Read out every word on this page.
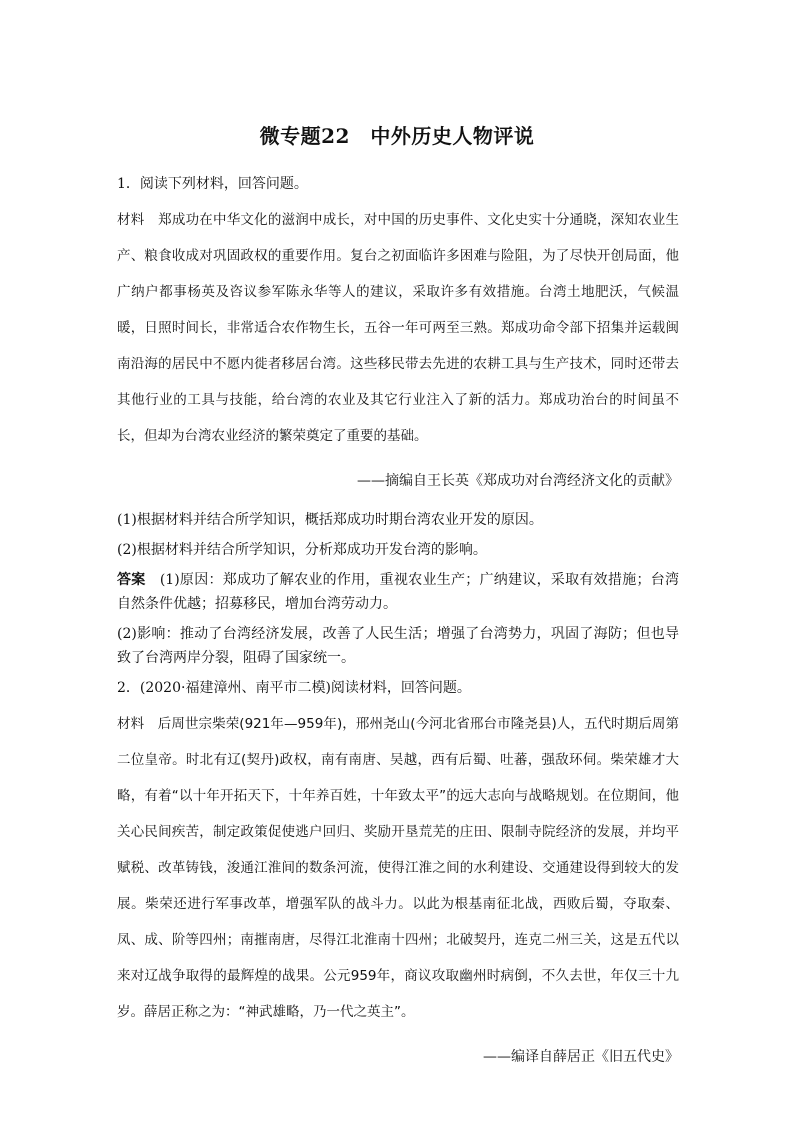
微专题22　中外历史人物评说

1．阅读下列材料，回答问题。

材料　 郑成功在中华文化的滋润中成长，对中国的历史事件、文化史实十分通晓，深知农业生产、粮食收成对巩固政权的重要作用。复台之初面临许多困难与险阻，为了尽快开创局面，他广纳户都事杨英及咨议参军陈永华等人的建议，采取许多有效措施。台湾土地肥沃，气候温暖，日照时间长，非常适合农作物生长，五谷一年可两至三熟。郑成功命令部下招集并运载闽南沿海的居民中不愿内徙者移居台湾。这些移民带去先进的农耕工具与生产技术，同时还带去其他行业的工具与技能，给台湾的农业及其它行业注入了新的活力。郑成功治台的时间虽不长，但却为台湾农业经济的繁荣奠定了重要的基础。

——摘编自王长英《郑成功对台湾经济文化的贡献》

(1)根据材料并结合所学知识，概括郑成功时期台湾农业开发的原因。

(2)根据材料并结合所学知识，分析郑成功开发台湾的影响。

答案　 (1)原因：郑成功了解农业的作用，重视农业生产；广纳建议，采取有效措施；台湾自然条件优越；招募移民，增加台湾劳动力。

(2)影响：推动了台湾经济发展，改善了人民生活；增强了台湾势力，巩固了海防；但也导致了台湾两岸分裂，阻碍了国家统一。

2．(2020·福建漳州、南平市二模)阅读材料，回答问题。

材料　 后周世宗柴荣(921年—959年)，邢州尧山(今河北省邢台市隆尧县)人，五代时期后周第二位皇帝。时北有辽(契丹)政权，南有南唐、吴越，西有后蜀、吐蕃，强敌环伺。柴荣雄才大略，有着“以十年开拓天下，十年养百姓，十年致太平”的远大志向与战略规划。在位期间，他关心民间疾苦，制定政策促使逃户回归、奖励开垦荒芜的庄田、限制寺院经济的发展，并均平赋税、改革铸钱，浚通江淮间的数条河流，使得江淮之间的水利建设、交通建设得到较大的发展。柴荣还进行军事改革，增强军队的战斗力。以此为根基南征北战，西败后蜀，夺取秦、凤、成、阶等四州；南摧南唐，尽得江北淮南十四州；北破契丹，连克二州三关，这是五代以来对辽战争取得的最辉煌的战果。公元959年，商议攻取幽州时病倒，不久去世，年仅三十九岁。薛居正称之为：“神武雄略，乃一代之英主”。

——编译自薛居正《旧五代史》
